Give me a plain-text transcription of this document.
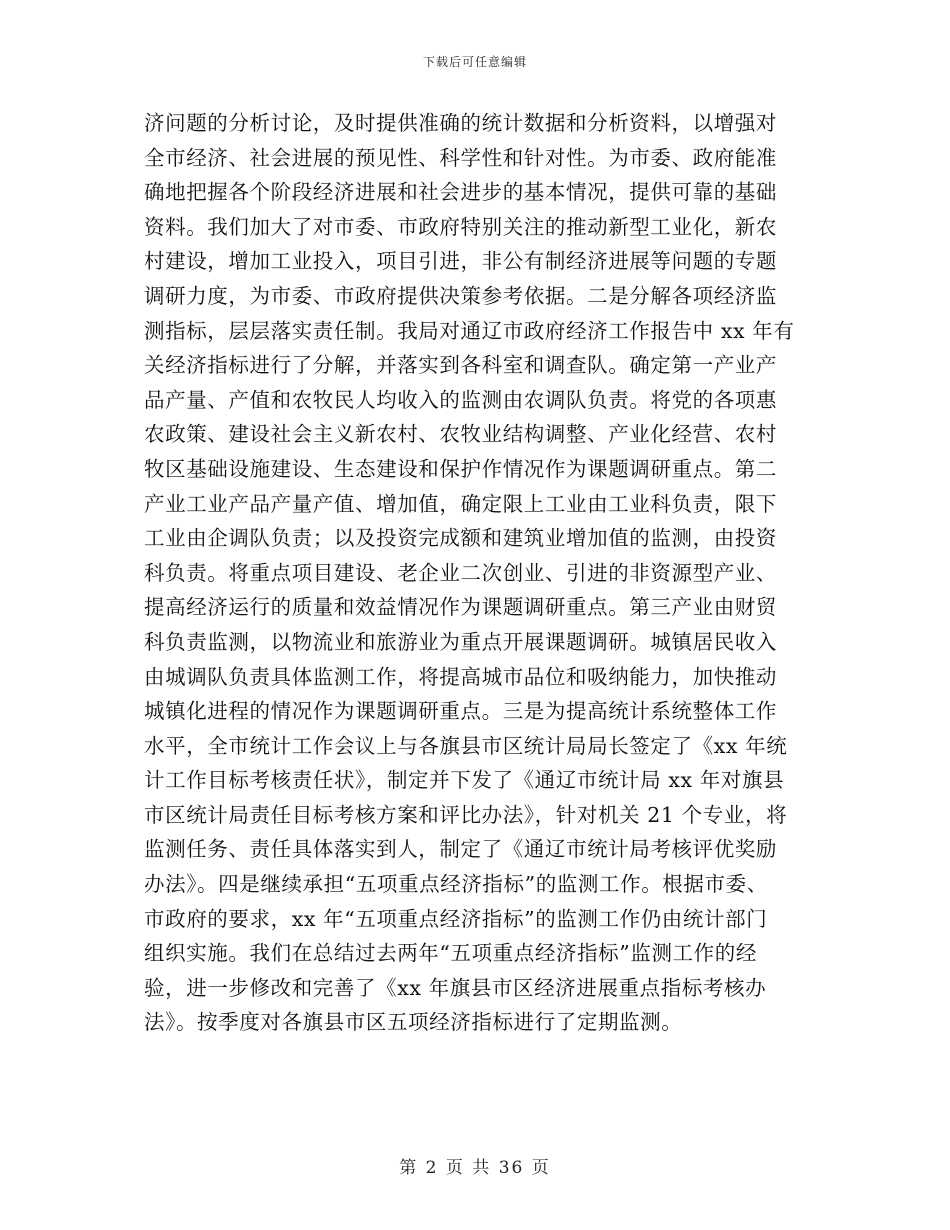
下载后可任意编辑
济问题的分析讨论，及时提供准确的统计数据和分析资料，以增强对
全市经济、社会进展的预见性、科学性和针对性。为市委、政府能准
确地把握各个阶段经济进展和社会进步的基本情况，提供可靠的基础
资料。我们加大了对市委、市政府特别关注的推动新型工业化，新农
村建设，增加工业投入，项目引进，非公有制经济进展等问题的专题
调研力度，为市委、市政府提供决策参考依据。二是分解各项经济监
测指标，层层落实责任制。我局对通辽市政府经济工作报告中 xx 年有
关经济指标进行了分解，并落实到各科室和调查队。确定第一产业产
品产量、产值和农牧民人均收入的监测由农调队负责。将党的各项惠
农政策、建设社会主义新农村、农牧业结构调整、产业化经营、农村
牧区基础设施建设、生态建设和保护作情况作为课题调研重点。第二
产业工业产品产量产值、增加值，确定限上工业由工业科负责，限下
工业由企调队负责；以及投资完成额和建筑业增加值的监测，由投资
科负责。将重点项目建设、老企业二次创业、引进的非资源型产业、
提高经济运行的质量和效益情况作为课题调研重点。第三产业由财贸
科负责监测，以物流业和旅游业为重点开展课题调研。城镇居民收入
由城调队负责具体监测工作，将提高城市品位和吸纳能力，加快推动
城镇化进程的情况作为课题调研重点。三是为提高统计系统整体工作
水平，全市统计工作会议上与各旗县市区统计局局长签定了《xx 年统
计工作目标考核责任状》，制定并下发了《通辽市统计局 xx 年对旗县
市区统计局责任目标考核方案和评比办法》，针对机关 21 个专业，将
监测任务、责任具体落实到人，制定了《通辽市统计局考核评优奖励
办法》。四是继续承担“五项重点经济指标”的监测工作。根据市委、
市政府的要求，xx 年“五项重点经济指标”的监测工作仍由统计部门
组织实施。我们在总结过去两年“五项重点经济指标”监测工作的经
验，进一步修改和完善了《xx 年旗县市区经济进展重点指标考核办
法》。按季度对各旗县市区五项经济指标进行了定期监测。
第 2 页 共 36 页
